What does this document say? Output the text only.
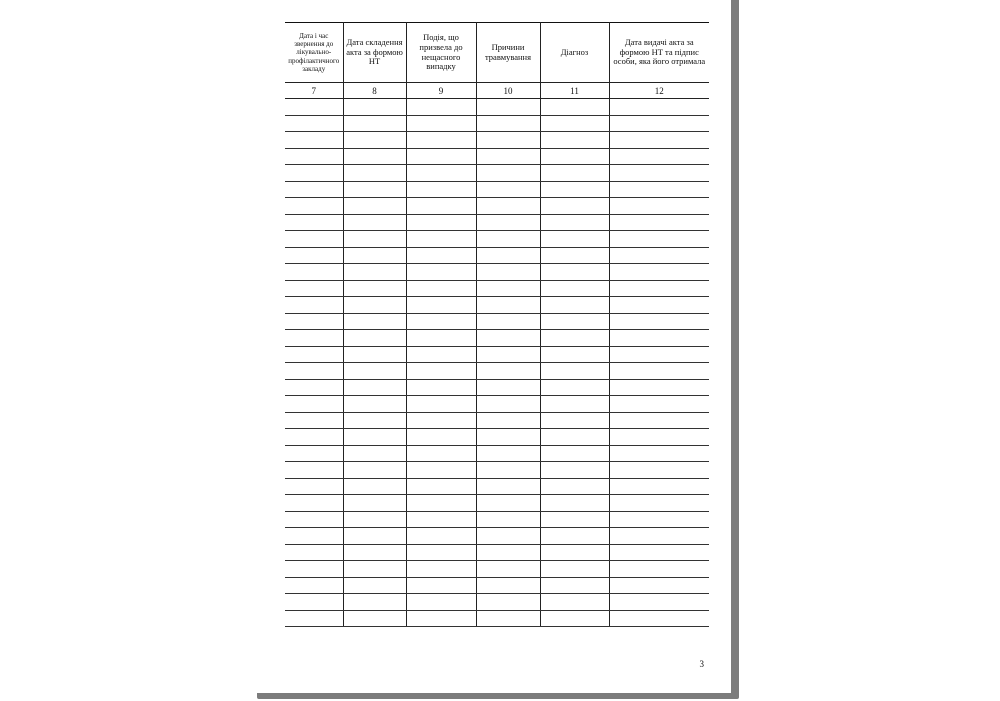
Дата і час звернення до лікувально-профілактичного закладу	Дата складення акта за формою НТ	Подія, що призвела до нещасного випадку	Причини травмування	Діагноз	Дата видачі акта за формою НТ та підпис особи, яка його отримала
7	8	9	10	11	12

3
